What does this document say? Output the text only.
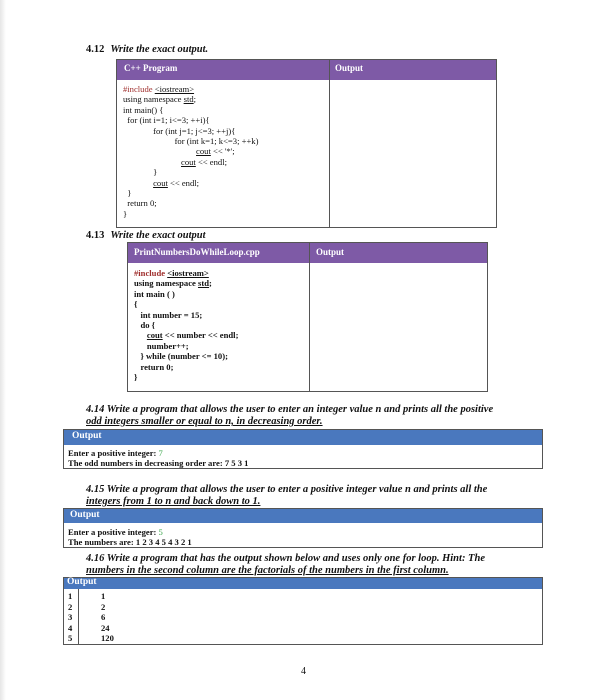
4.12 Write the exact output.
C++ Program	Output
#include <iostream>
using namespace std;
int main() {
for (int i=1; i<=3; ++i){
for (int j=1; j<=3; ++j){
for (int k=1; k<=3; ++k)
cout << '*';
cout << endl;
}
cout << endl;
}
return 0;
}
4.13 Write the exact output
PrintNumbersDoWhileLoop.cpp	Output
#include <iostream>
using namespace std;
int main ( )
{
int number = 15;
do {
cout << number << endl;
number++;
} while (number <= 10);
return 0;
}
4.14 Write a program that allows the user to enter an integer value n and prints all the positive
odd integers smaller or equal to n, in decreasing order.
Output
Enter a positive integer: 7
The odd numbers in decreasing order are: 7 5 3 1
4.15 Write a program that allows the user to enter a positive integer value n and prints all the
integers from 1 to n and back down to 1.
Output
Enter a positive integer: 5
The numbers are: 1 2 3 4 5 4 3 2 1
4.16 Write a program that has the output shown below and uses only one for loop. Hint: The
numbers in the second column are the factorials of the numbers in the first column.
Output
1	1
2	2
3	6
4	24
5	120
4
